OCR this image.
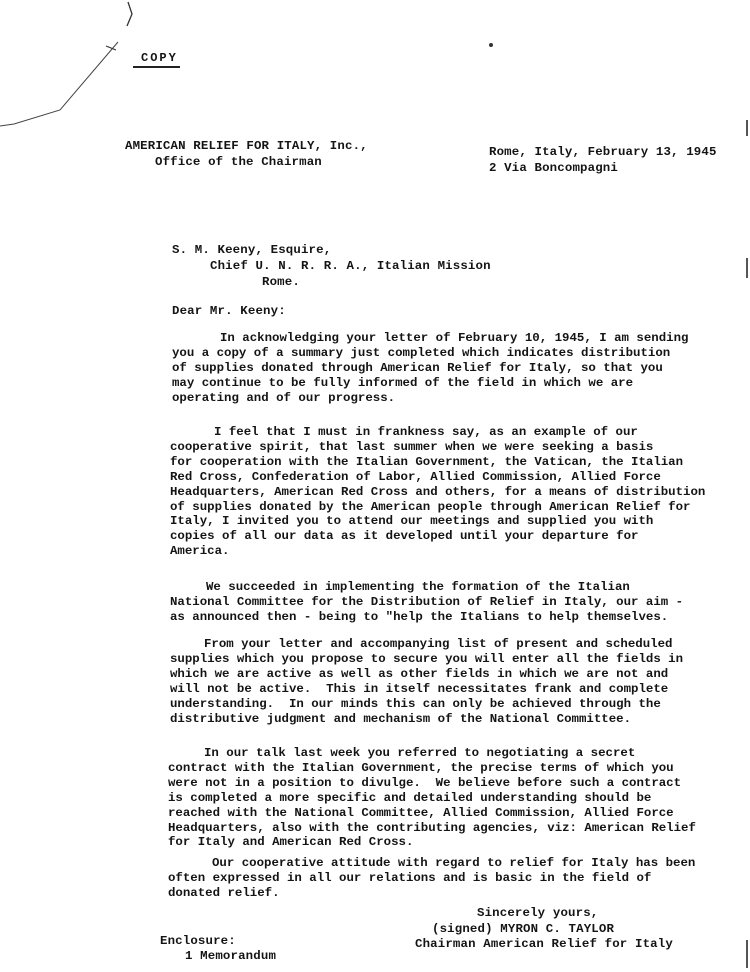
COPY
AMERICAN RELIEF FOR ITALY, Inc.,
Office of the Chairman
Rome, Italy, February 13, 1945
2 Via Boncompagni
S. M. Keeny, Esquire,
Chief U. N. R. R. A., Italian Mission
Rome.
Dear Mr. Keeny:
In acknowledging your letter of February 10, 1945, I am sending
you a copy of a summary just completed which indicates distribution
of supplies donated through American Relief for Italy, so that you
may continue to be fully informed of the field in which we are
operating and of our progress.
I feel that I must in frankness say, as an example of our
cooperative spirit, that last summer when we were seeking a basis
for cooperation with the Italian Government, the Vatican, the Italian
Red Cross, Confederation of Labor, Allied Commission, Allied Force
Headquarters, American Red Cross and others, for a means of distribution
of supplies donated by the American people through American Relief for
Italy, I invited you to attend our meetings and supplied you with
copies of all our data as it developed until your departure for
America.
We succeeded in implementing the formation of the Italian
National Committee for the Distribution of Relief in Italy, our aim -
as announced then - being to "help the Italians to help themselves.
From your letter and accompanying list of present and scheduled
supplies which you propose to secure you will enter all the fields in
which we are active as well as other fields in which we are not and
will not be active.  This in itself necessitates frank and complete
understanding.  In our minds this can only be achieved through the
distributive judgment and mechanism of the National Committee.
In our talk last week you referred to negotiating a secret
contract with the Italian Government, the precise terms of which you
were not in a position to divulge.  We believe before such a contract
is completed a more specific and detailed understanding should be
reached with the National Committee, Allied Commission, Allied Force
Headquarters, also with the contributing agencies, viz: American Relief
for Italy and American Red Cross.
Our cooperative attitude with regard to relief for Italy has been
often expressed in all our relations and is basic in the field of
donated relief.
Sincerely yours,
(signed) MYRON C. TAYLOR
Chairman American Relief for Italy
Enclosure:
1 Memorandum
